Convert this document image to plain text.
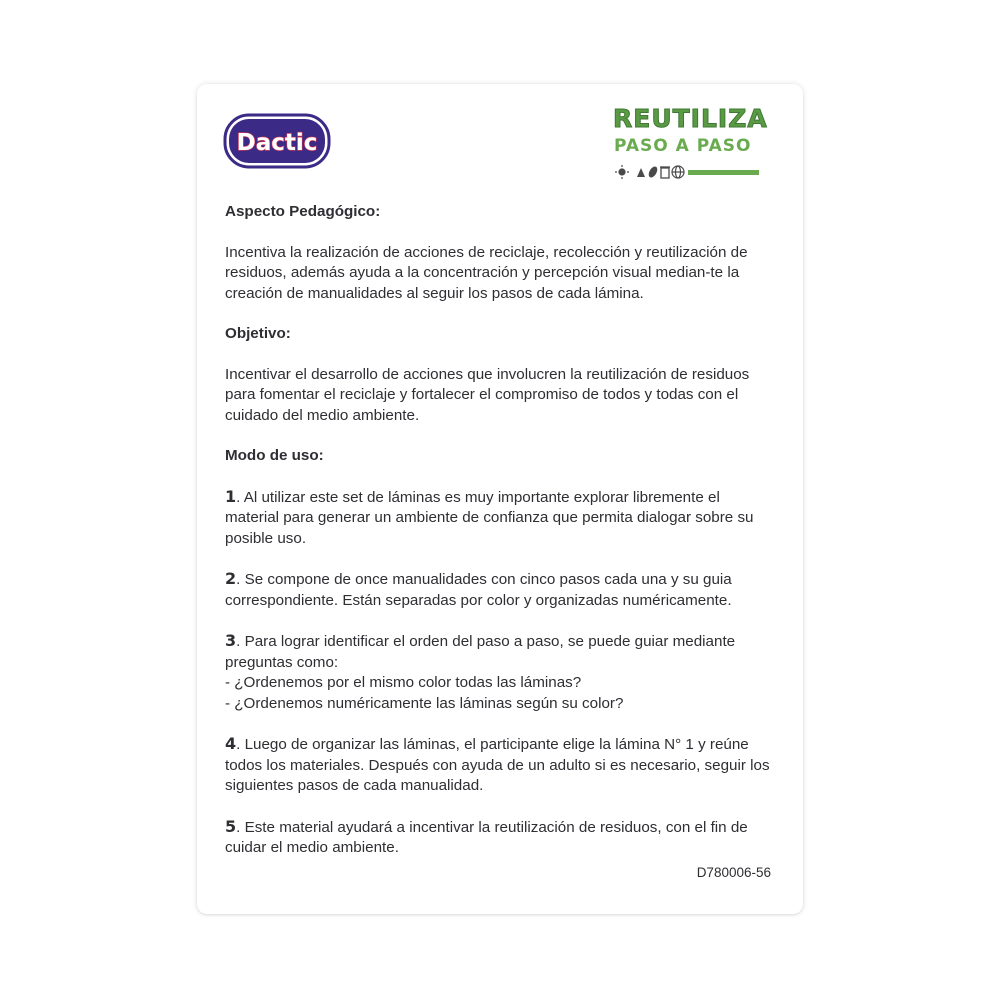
Dactic
REUTILIZA
PASO A PASO
Aspecto Pedagógico:
Incentiva la realización de acciones de reciclaje, recolección y reutilización de residuos, además ayuda a la concentración y percepción visual median-te la creación de manualidades al seguir los pasos de cada lámina.
Objetivo:
Incentivar el desarrollo de acciones que involucren la reutilización de residuos para fomentar el reciclaje y fortalecer el compromiso de todos y todas con el cuidado del medio ambiente.
Modo de uso:
1. Al utilizar este set de láminas es muy importante explorar libremente el material para generar un ambiente de confianza que permita dialogar sobre su posible uso.
2. Se compone de once manualidades con cinco pasos cada una y su guia correspondiente. Están separadas por color y organizadas numéricamente.
3. Para lograr identificar el orden del paso a paso, se puede guiar mediante preguntas como:
- ¿Ordenemos por el mismo color todas las láminas?
- ¿Ordenemos numéricamente las láminas según su color?
4. Luego de organizar las láminas, el participante elige la lámina N° 1 y reúne todos los materiales. Después con ayuda de un adulto si es necesario, seguir los siguientes pasos de cada manualidad.
5. Este material ayudará a incentivar la reutilización de residuos, con el fin de cuidar el medio ambiente.
D780006-56
